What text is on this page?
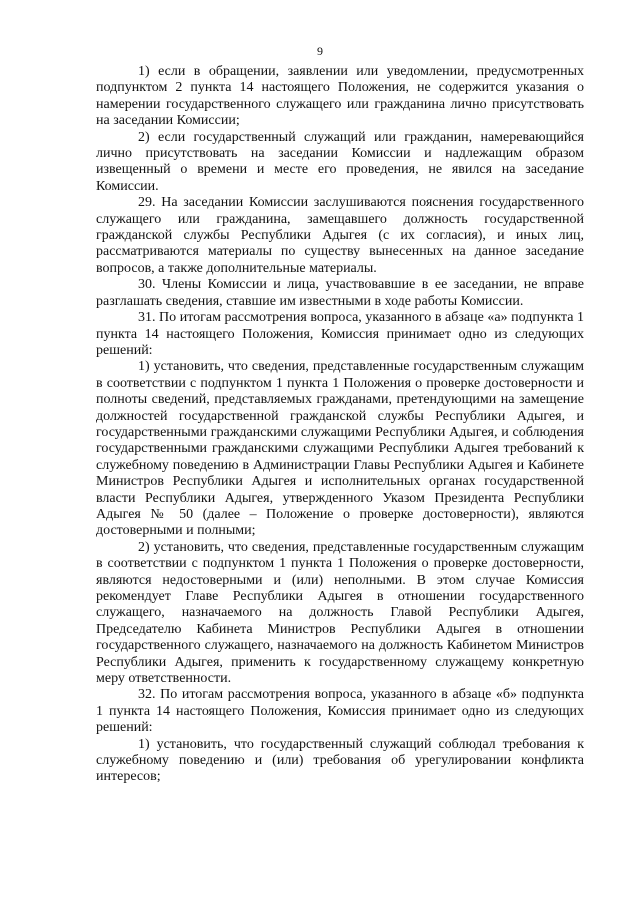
9

1) если в обращении, заявлении или уведомлении, предусмотренных подпунктом 2 пункта 14 настоящего Положения, не содержится указания о намерении государственного служащего или гражданина лично присутствовать на заседании Комиссии;

2) если государственный служащий или гражданин, намеревающийся лично присутствовать на заседании Комиссии и надлежащим образом извещенный о времени и месте его проведения, не явился на заседание Комиссии.

29. На заседании Комиссии заслушиваются пояснения государственного служащего или гражданина, замещавшего должность государственной гражданской службы Республики Адыгея (с их согласия), и иных лиц, рассматриваются материалы по существу вынесенных на данное заседание вопросов, а также дополнительные материалы.

30. Члены Комиссии и лица, участвовавшие в ее заседании, не вправе разглашать сведения, ставшие им известными в ходе работы Комиссии.

31. По итогам рассмотрения вопроса, указанного в абзаце «а» подпункта 1 пункта 14 настоящего Положения, Комиссия принимает одно из следующих решений:

1) установить, что сведения, представленные государственным служащим в соответствии с подпунктом 1 пункта 1 Положения о проверке достоверности и полноты сведений, представляемых гражданами, претендующими на замещение должностей государственной гражданской службы Республики Адыгея, и государственными гражданскими служащими Республики Адыгея, и соблюдения государственными гражданскими служащими Республики Адыгея требований к служебному поведению в Администрации Главы Республики Адыгея и Кабинете Министров Республики Адыгея и исполнительных органах государственной власти Республики Адыгея, утвержденного Указом Президента Республики Адыгея № 50 (далее – Положение о проверке достоверности), являются достоверными и полными;

2) установить, что сведения, представленные государственным служащим в соответствии с подпунктом 1 пункта 1 Положения о проверке достоверности, являются недостоверными и (или) неполными. В этом случае Комиссия рекомендует Главе Республики Адыгея в отношении государственного служащего, назначаемого на должность Главой Республики Адыгея, Председателю Кабинета Министров Республики Адыгея в отношении государственного служащего, назначаемого на должность Кабинетом Министров Республики Адыгея, применить к государственному служащему конкретную меру ответственности.

32. По итогам рассмотрения вопроса, указанного в абзаце «б» подпункта 1 пункта 14 настоящего Положения, Комиссия принимает одно из следующих решений:

1) установить, что государственный служащий соблюдал требования к служебному поведению и (или) требования об урегулировании конфликта интересов;
